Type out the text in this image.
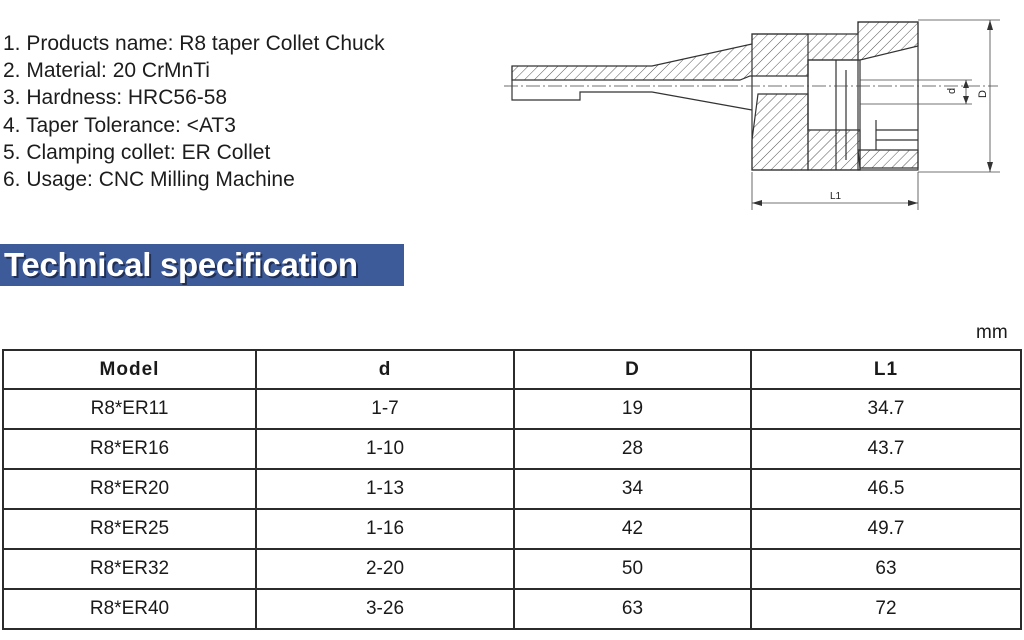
1. Products name: R8 taper Collet Chuck
2. Material: 20 CrMnTi
3. Hardness: HRC56-58
4. Taper Tolerance: <AT3
5. Clamping collet: ER Collet
6. Usage: CNC Milling Machine
d D
L1
Technical specification
mm
Model	d	D	L1
R8*ER11	1-7	19	34.7
R8*ER16	1-10	28	43.7
R8*ER20	1-13	34	46.5
R8*ER25	1-16	42	49.7
R8*ER32	2-20	50	63
R8*ER40	3-26	63	72
